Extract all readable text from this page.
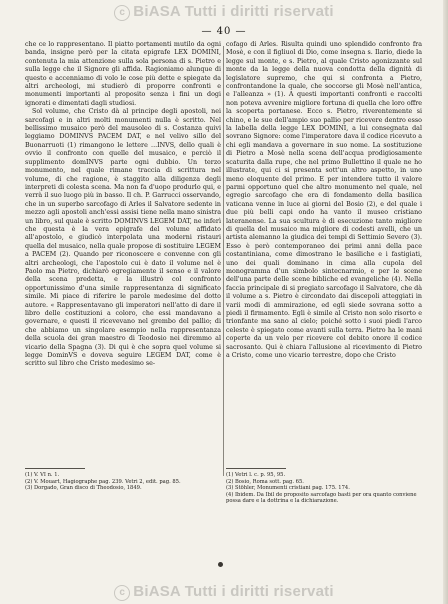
c BiASA Tutti i diritti riservati
— 40 —

che ce lo rappresentano. Il piatto portamenti mutilo da ogni banda, insigne però per la citata epigrafe LEX DOMINI, contenuta la mia attenzione sulla sola persona di s. Pietro e sulla legge che il Signore gli affida. Ragioniamo alunque di questo e accenniamo di volo le cose più dette e spiegate da altri archeologi, mi studierò di proporre confronti e monumenti importanti al proposito senza i fini un dogi ignorati e dimentati dagli studiosi.

Sol volume, che Cristo dà al principe degli apostoli, nei sarcofagi e in altri molti monumenti nulla è scritto. Nel bellissimo musaico però del mausoleo di s. Costanza quivi leggiamo DOMINVS PACEM DAT, e nel velivo sillo del Buonarruoti (1) rimangono le lettere ...INVS, dello quali è ovvio il confronto con quelle del musaico, e perciò il supplimento domINVS parte ogni dubbio. Un terzo monumento, nel quale rimane traccia di scrittura nel volume, di che ragione, è staggito alla diligenza degli interpreti di colesta scena. Ma non fa d'uopo produrlo qui, e verrà il suo luogo più in basso. Il ch. P. Garrucci osservando, che in un superbo sarcofago di Arles il Salvatore sedente in mezzo agli apostoli anch'essi assisi tiene nella mano sinistra un libro, sul quale è scritto DOMINVS LEGEM DAT, ne inferì che questa è la vera epigrafe del volume affidato all'apostolo, e giudicò interpolata una moderni ristauri quella del musaico, nella quale propose di sostituire LEGEM a PACEM (2). Quando per riconoscere e convenne con gli altri archeologi, che l'apostolo cui è dato il volume nel è Paolo ma Pietro, dichiarò egregiamente il senso e il valore della scena predetta, e la illustrò col confronto opportunissimo d'una simile rappresentanza di significato simile. Mi piace di riferire le parole medesime del dotto autore. « Rappresentavano gli imperatori nell'atto di dare il libro delle costituzioni a coloro, che essi mandavano a governare, e questi il ricevevano nel grembo del pallio; di che abbiamo un singolare esempio nella rappresentanza della scuola dei gran maestro di Teodosio nei diremmo al vicario della Spagna (3). Di qui è che sopra quel volume si legge DominVS e doveva seguire LEGEM DAT, come è scritto sul libro che Cristo medesimo se-

cofago di Arles. Risulta quindi uno splendido confronto fra Mosè, e con il figliuol di Dio, come insegna s. Ilario, diede la legge sul monte, e s. Pietro, al quale Cristo agonizzante sul monte da la legge della nuova condotta della dignità di legislatore supremo, che qui si confronta a Pietro, confrontandone la quale, che soccorse gli Mosè nell'antica, e l'alleanza » (1). A questi importanti confronti e raccolti non poteva avvenire migliore fortuna di quella che loro offre la scoperta portanese. Ecco s. Pietro, riverentemente si chino, e le sue dell'ampio suo pallio per ricevere dentro esso la labella della legge LEX DOMINI, a lui consegnata dal sovrano Signore: come l'imperatore dava il codice ricevuto a chi egli mandava a governare in suo nome. La sostituzione di Pietro a Mosè nella scena dell'acqua prodigiosamente scaturita dalla rupe, che nel primo Bullettino il quale ne ho illustrate, qui ci si presenta sott'un altro aspetto, in uno meno eloquente del primo. E per intendere tutto il valore parmi opportuno quel che altro monumento nel quale, nel egregio sarcofago che era di fondamento della basilica vaticana venne in luce ai giorni del Bosio (2), e del quale i due più belli capi ondo ha vanto il museo cristiano lateranense. La sua scultura è di esecuzione tanto migliore di quella del musaico ma migliore di codesti avelli, che un artista alemanno la giudica dei tempi di Settimio Severo (3). Esso è però contemporaneo dei primi anni della pace costantiniana, come dimostrano le basiliche e i fastigiati, uno dei quali dominano in cima alla cupola del monogramma d'un simbolo sintecnarmio, e per le scene dell'una parte delle scene bibliche ed evangeliche (4). Nella faccia principale di si pregiato sarcofago il Salvatore, che dà il volume a s. Pietro è circondato dai discepoli atteggiati in varii modi di ammirazione, ed egli siede sovrana sotto a piedi il firmamento. Egli è simile al Cristo non solo risorto e trionfante ma sano al cielo; poiché sotto i suoi piedi l'arco celeste è spiegato come avanti sulla terra. Pietro ha le mani coperte da un velo per ricevere col debito onore il codice sacrosanto. Qui è chiara l'allusione al ricevimento di Pietro a Cristo, come uno vicario terrestre, dopo che Cristo

(1) V. VI n. 1.
(2) V. Mouart, Hagiographe pag. 239. Vetri 2, edit. pag. 85.
(3) Dorgado, Gran disco di Theodosio, 1849.
(1) Vetri l. c. p. 95, 95.
(2) Bosio, Roma sott. pag. 65.
(3) Stöhler, Monumenti cristiani pag. 175. 174.
(4) Ibidem. Da Ibil de proposito sarcofago basti per ora quanto conviene possa dare e la dottrina e la dichiarazione.
c BiASA Tutti i diritti riservati
